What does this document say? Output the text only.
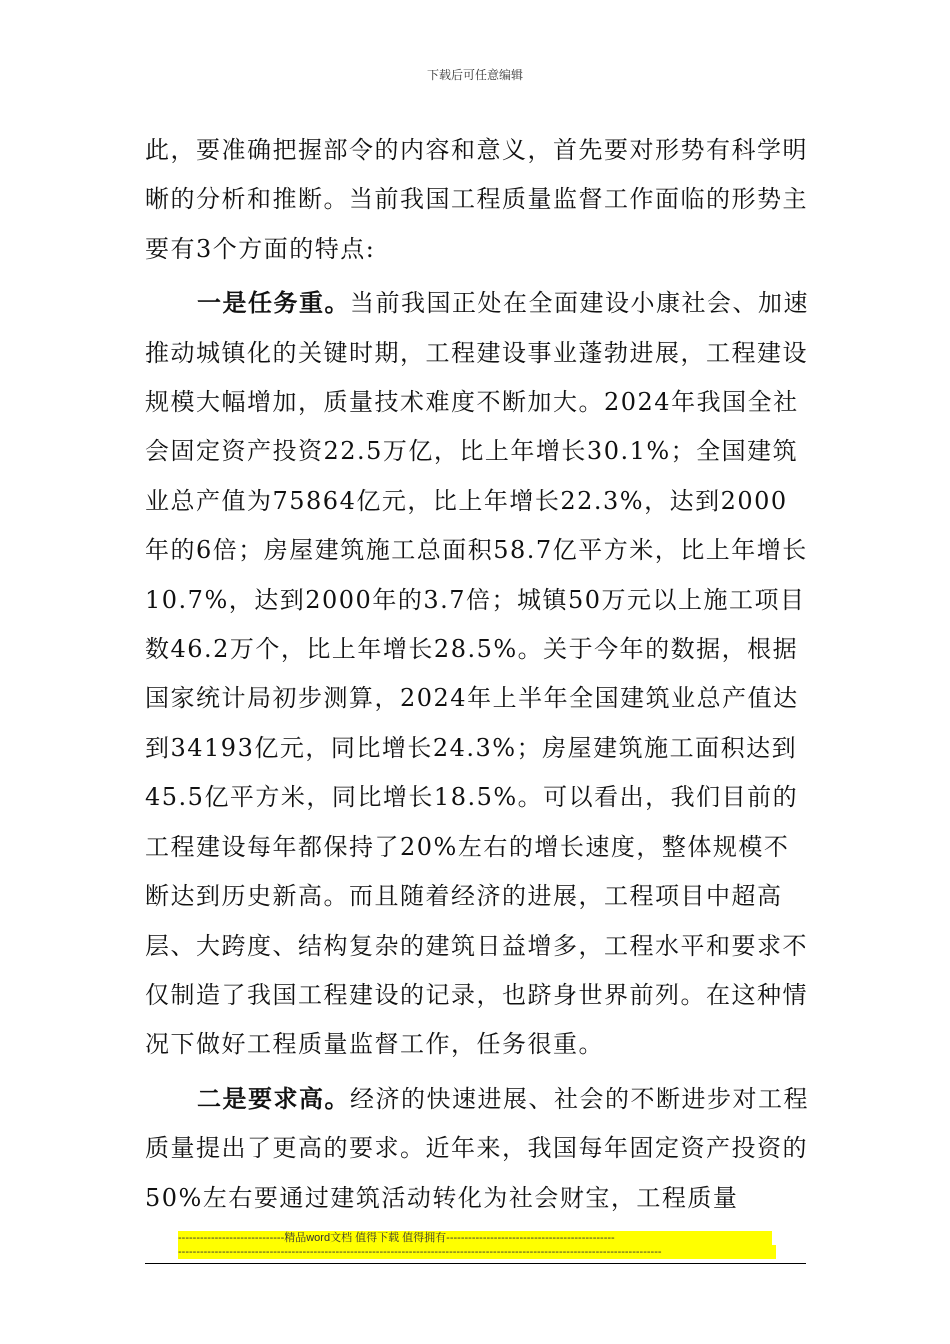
下载后可任意编辑

此，要准确把握部令的内容和意义，首先要对形势有科学明晰的分析和推断。当前我国工程质量监督工作面临的形势主要有3个方面的特点:

一是任务重。当前我国正处在全面建设小康社会、加速推动城镇化的关键时期，工程建设事业蓬勃进展，工程建设规模大幅增加，质量技术难度不断加大。2024年我国全社会固定资产投资22.5万亿，比上年增长30.1%；全国建筑业总产值为75864亿元，比上年增长22.3%，达到2000年的6倍；房屋建筑施工总面积58.7亿平方米，比上年增长10.7%，达到2000年的3.7倍；城镇50万元以上施工项目数46.2万个，比上年增长28.5%。关于今年的数据，根据国家统计局初步测算，2024年上半年全国建筑业总产值达到34193亿元，同比增长24.3%；房屋建筑施工面积达到45.5亿平方米，同比增长18.5%。可以看出，我们目前的工程建设每年都保持了20%左右的增长速度，整体规模不断达到历史新高。而且随着经济的进展，工程项目中超高层、大跨度、结构复杂的建筑日益增多，工程水平和要求不仅制造了我国工程建设的记录，也跻身世界前列。在这种情况下做好工程质量监督工作，任务很重。

二是要求高。经济的快速进展、社会的不断进步对工程质量提出了更高的要求。近年来，我国每年固定资产投资的50%左右要通过建筑活动转化为社会财宝，工程质量

-----------------------------精品word文档 值得下载 值得拥有----------------------------------------------
------------------------------------------------------------------------------------------------------------------------------------
